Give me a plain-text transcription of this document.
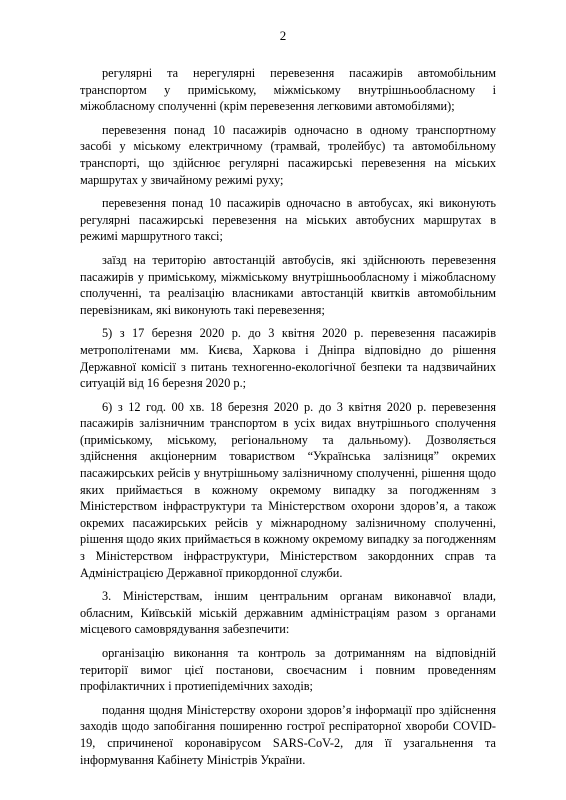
2

регулярні та нерегулярні перевезення пасажирів автомобільним транспортом у приміському, міжміському внутрішньообласному і міжобласному сполученні (крім перевезення легковими автомобілями);

перевезення понад 10 пасажирів одночасно в одному транспортному засобі у міському електричному (трамвай, тролейбус) та автомобільному транспорті, що здійснює регулярні пасажирські перевезення на міських маршрутах у звичайному режимі руху;

перевезення понад 10 пасажирів одночасно в автобусах, які виконують регулярні пасажирські перевезення на міських автобусних маршрутах в режимі маршрутного таксі;

заїзд на територію автостанцій автобусів, які здійснюють перевезення пасажирів у приміському, міжміському внутрішньообласному і міжобласному сполученні, та реалізацію власниками автостанцій квитків автомобільним перевізникам, які виконують такі перевезення;

5) з 17 березня 2020 р. до 3 квітня 2020 р. перевезення пасажирів метрополітенами мм. Києва, Харкова і Дніпра відповідно до рішення Державної комісії з питань техногенно-екологічної безпеки та надзвичайних ситуацій від 16 березня 2020 р.;

6) з 12 год. 00 хв. 18 березня 2020 р. до 3 квітня 2020 р. перевезення пасажирів залізничним транспортом в усіх видах внутрішнього сполучення (приміському, міському, регіональному та дальньому). Дозволяється здійснення акціонерним товариством “Українська залізниця” окремих пасажирських рейсів у внутрішньому залізничному сполученні, рішення щодо яких приймається в кожному окремому випадку за погодженням з Міністерством інфраструктури та Міністерством охорони здоров’я, а також окремих пасажирських рейсів у міжнародному залізничному сполученні, рішення щодо яких приймається в кожному окремому випадку за погодженням з Міністерством інфраструктури, Міністерством закордонних справ та Адміністрацією Державної прикордонної служби.

3. Міністерствам, іншим центральним органам виконавчої влади, обласним, Київській міській державним адміністраціям разом з органами місцевого самоврядування забезпечити:

організацію виконання та контроль за дотриманням на відповідній території вимог цієї постанови, своєчасним і повним проведенням профілактичних і протиепідемічних заходів;

подання щодня Міністерству охорони здоров’я інформації про здійснення заходів щодо запобігання поширенню гострої респіраторної хвороби COVID-19, спричиненої коронавірусом SARS-CoV-2, для її узагальнення та інформування Кабінету Міністрів України.
